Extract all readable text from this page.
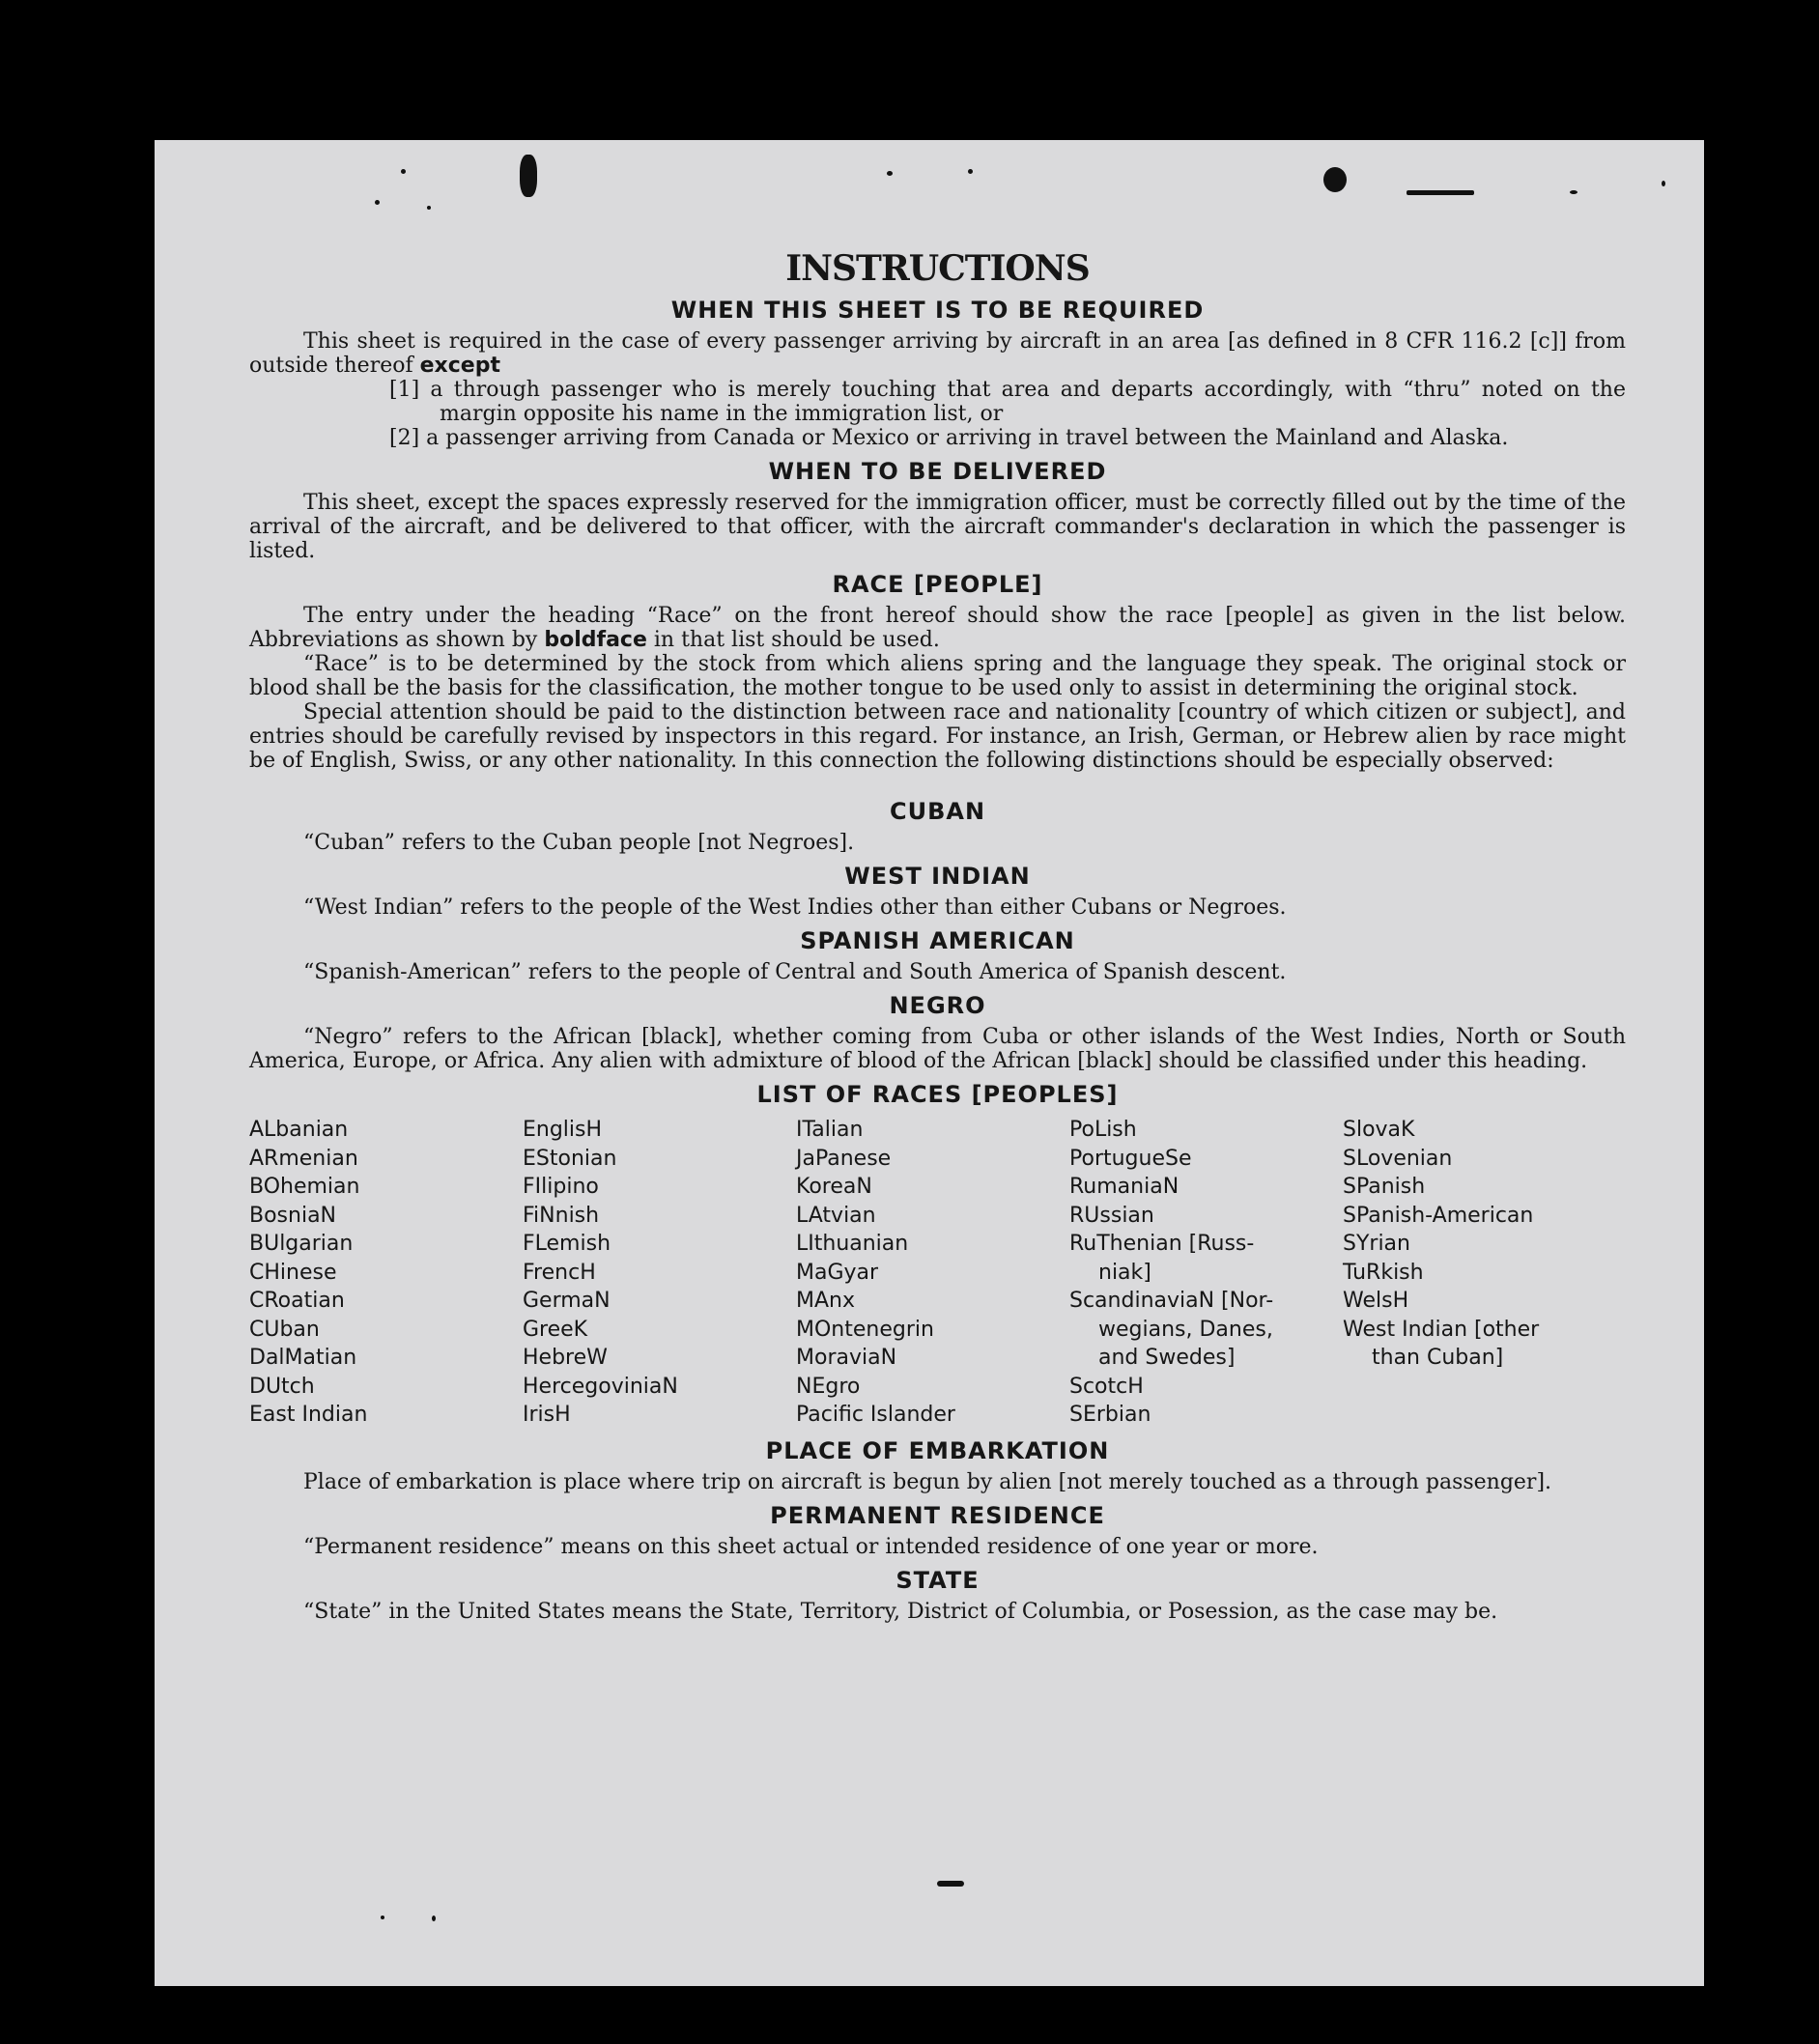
INSTRUCTIONS
WHEN THIS SHEET IS TO BE REQUIRED

This sheet is required in the case of every passenger arriving by aircraft in an area [as defined in 8 CFR 116.2 [c]] from outside thereof except

[1] a through passenger who is merely touching that area and departs accordingly, with “thru” noted on the margin opposite his name in the immigration list, or
[2] a passenger arriving from Canada or Mexico or arriving in travel between the Mainland and Alaska.
WHEN TO BE DELIVERED

This sheet, except the spaces expressly reserved for the immigration officer, must be correctly filled out by the time of the arrival of the aircraft, and be delivered to that officer, with the aircraft commander's declaration in which the passenger is listed.

RACE [PEOPLE]

The entry under the heading “Race” on the front hereof should show the race [people] as given in the list below. Abbreviations as shown by boldface in that list should be used.

“Race” is to be determined by the stock from which aliens spring and the language they speak. The original stock or blood shall be the basis for the classification, the mother tongue to be used only to assist in determining the original stock.

Special attention should be paid to the distinction between race and nationality [country of which citizen or subject], and entries should be carefully revised by inspectors in this regard. For instance, an Irish, German, or Hebrew alien by race might be of English, Swiss, or any other nationality. In this connection the following distinctions should be especially observed:

CUBAN

“Cuban” refers to the Cuban people [not Negroes].

WEST INDIAN

“West Indian” refers to the people of the West Indies other than either Cubans or Negroes.

SPANISH AMERICAN

“Spanish-American” refers to the people of Central and South America of Spanish descent.

NEGRO

“Negro” refers to the African [black], whether coming from Cuba or other islands of the West Indies, North or South America, Europe, or Africa. Any alien with admixture of blood of the African [black] should be classified under this heading.

LIST OF RACES [PEOPLES]
ALbanian
ARmenian
BOhemian
BosniaN
BUlgarian
CHinese
CRoatian
CUban
DalMatian
DUtch
East Indian
EnglisH
EStonian
FIlipino
FiNnish
FLemish
FrencH
GermaN
GreeK
HebreW
HercegoviniaN
IrisH
ITalian
JaPanese
KoreaN
LAtvian
LIthuanian
MaGyar
MAnx
MOntenegrin
MoraviaN
NEgro
Pacific Islander
PoLish
PortugueSe
RumaniaN
RUssian
RuThenian [Russ-
niak]
ScandinaviaN [Nor-
wegians, Danes,
and Swedes]
ScotcH
SErbian
SlovaK
SLovenian
SPanish
SPanish-American
SYrian
TuRkish
WelsH
West Indian [other
than Cuban]
PLACE OF EMBARKATION

Place of embarkation is place where trip on aircraft is begun by alien [not merely touched as a through passenger].

PERMANENT RESIDENCE

“Permanent residence” means on this sheet actual or intended residence of one year or more.

STATE

“State” in the United States means the State, Territory, District of Columbia, or Posession, as the case may be.
